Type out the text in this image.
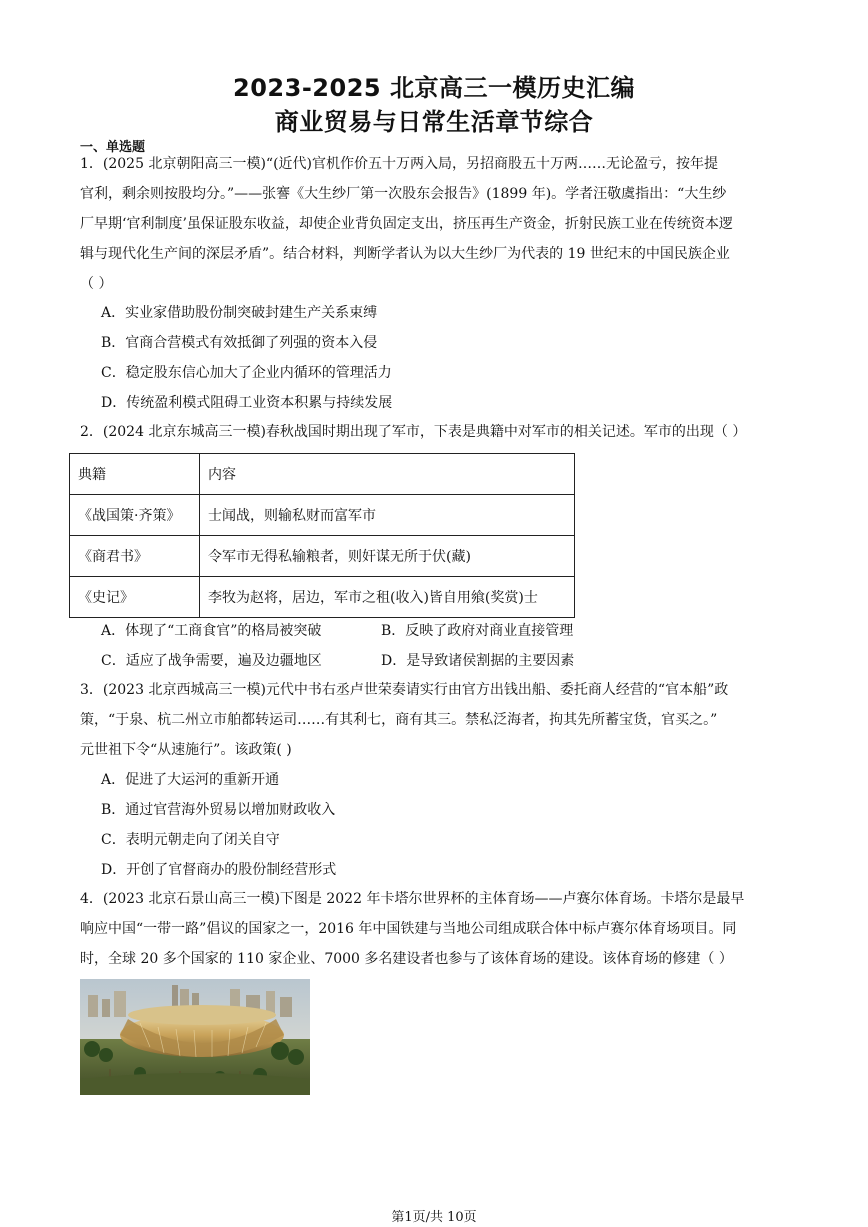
2023-2025 北京高三一模历史汇编
商业贸易与日常生活章节综合
一、单选题
1．(2025 北京朝阳高三一模)“(近代)官机作价五十万两入局，另招商股五十万两……无论盈亏，按年提
官利，剩余则按股均分。”——张謇《大生纱厂第一次股东会报告》(1899 年)。学者汪敬虞指出：“大生纱
厂早期‘官利制度’虽保证股东收益，却使企业背负固定支出，挤压再生产资金，折射民族工业在传统资本逻
辑与现代化生产间的深层矛盾”。结合材料，判断学者认为以大生纱厂为代表的 19 世纪末的中国民族企业
（ ）
A．实业家借助股份制突破封建生产关系束缚
B．官商合营模式有效抵御了列强的资本入侵
C．稳定股东信心加大了企业内循环的管理活力
D．传统盈利模式阻碍工业资本积累与持续发展
2．(2024 北京东城高三一模)春秋战国时期出现了军市，下表是典籍中对军市的相关记述。军市的出现（ ）
典籍	内容
《战国策·齐策》	士闻战，则输私财而富军市
《商君书》	令军市无得私输粮者，则奸谋无所于伏(藏)
《史记》	李牧为赵将，居边，军市之租(收入)皆自用飨(奖赏)士
A．体现了“工商食官”的格局被突破	B．反映了政府对商业直接管理
C．适应了战争需要，遍及边疆地区	D．是导致诸侯割据的主要因素
3．(2023 北京西城高三一模)元代中书右丞卢世荣奏请实行由官方出钱出船、委托商人经营的“官本船”政
策，“于泉、杭二州立市舶都转运司……有其利七，商有其三。禁私泛海者，拘其先所蓄宝货，官买之。”
元世祖下令“从速施行”。该政策( )
A．促进了大运河的重新开通
B．通过官营海外贸易以增加财政收入
C．表明元朝走向了闭关自守
D．开创了官督商办的股份制经营形式
4．(2023 北京石景山高三一模)下图是 2022 年卡塔尔世界杯的主体育场——卢赛尔体育场。卡塔尔是最早
响应中国“一带一路”倡议的国家之一，2016 年中国铁建与当地公司组成联合体中标卢赛尔体育场项目。同
时，全球 20 多个国家的 110 家企业、7000 多名建设者也参与了该体育场的建设。该体育场的修建（ ）
第1页/共 10页
